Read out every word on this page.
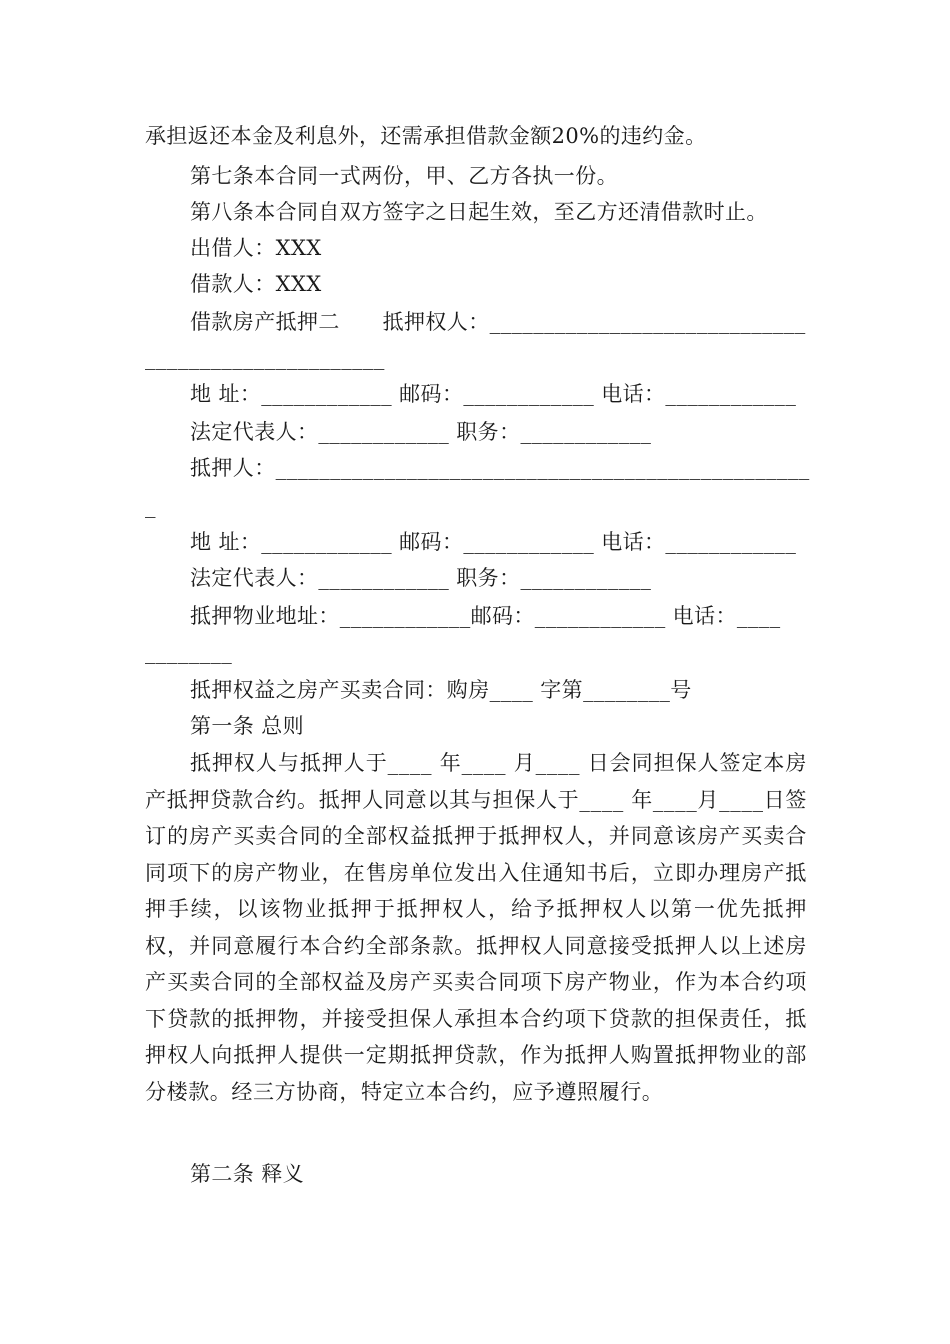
承担返还本金及利息外，还需承担借款金额20%的违约金。
第七条本合同一式两份，甲、乙方各执一份。
第八条本合同自双方签字之日起生效，至乙方还清借款时止。
出借人：XXX
借款人：XXX
借款房产抵押二　　抵押权人：_____________________________
______________________
地 址：____________ 邮码：____________ 电话：____________
法定代表人：____________ 职务：____________
抵押人：_________________________________________________
_
地 址：____________ 邮码：____________ 电话：____________
法定代表人：____________ 职务：____________
抵押物业地址：____________邮码：____________ 电话：____
________
抵押权益之房产买卖合同：购房____ 字第________号
第一条 总则

抵押权人与抵押人于____ 年____ 月____ 日会同担保人签定本房产抵押贷款合约。抵押人同意以其与担保人于____ 年____月____日签订的房产买卖合同的全部权益抵押于抵押权人，并同意该房产买卖合同项下的房产物业，在售房单位发出入住通知书后，立即办理房产抵押手续，以该物业抵押于抵押权人，给予抵押权人以第一优先抵押权，并同意履行本合约全部条款。抵押权人同意接受抵押人以上述房产买卖合同的全部权益及房产买卖合同项下房产物业，作为本合约项下贷款的抵押物，并接受担保人承担本合约项下贷款的担保责任，抵押权人向抵押人提供一定期抵押贷款，作为抵押人购置抵押物业的部分楼款。经三方协商，特定立本合约，应予遵照履行。

第二条 释义
